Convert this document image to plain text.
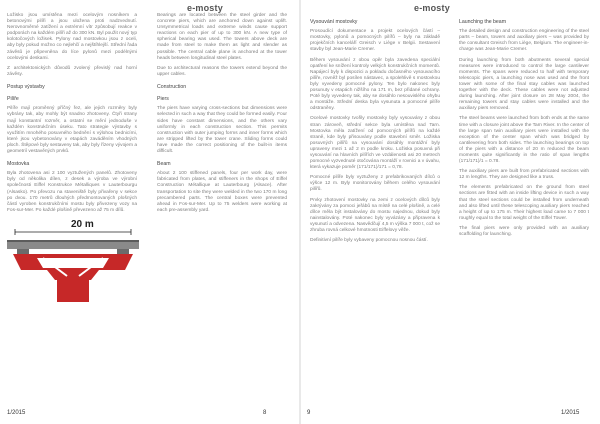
e-mosty

Ložisko jsou umístěna mezi ocelovým nosníkem a betonovými pilíři a jsou uložena proti nadzvednutí. Nerovnoměrné zatížení a extrémní vítr způsobují reakce v podporách na každém pilíři až do 300 kN. Byl použit nový typ kolotočových ložisek. Pylony nad mostovkou jsou z oceli, aby byly pokud možno co nejlehčí a nejštíhlejší. Střední řada závěsů je připevněna do líce pylonů mezi podélnými ocelovými deskami.

Z architektonických důvodů zvolený převislý nad horní závěsy.

Postup výstavby
Pilíře

Pilíře mají proměnný příčný řez, ale jejich rozměry byly vybrány tak, aby mohly být snadno zhotoveny. Čtyři strany mají konstantní rozměr, a ostatní se mění jednoduše v každém konstrukčním úseku. Tato strategie výstavby s využitím mnohého posuvného bednění s výlohou bednicími, které jsou vybetonovány v etapách zaváděním vhodných ploch. Štěpové byly sestaveny tak, aby byly řízeny vývojem a geometrií vestavěných prvků.

Mostovka

Byla zhotovena asi 2 100 vyztužených panelů. Zhotoveny byly od několika dílen, z desek a výroba ve výrobní společnosti Eiffel Konstrukce Métalliques v Lauterbourgu (Alsasko). Po převozu na staveniště byly přivařeny v sekce po dvou. 170 metrů dlouhých předmontovaných plošných částí vyroben konstrukčními mostu byly přivezeny vozy na Fos-sur-Mer. Po každé plošině převezeno až 75 m dílů.

20 m

Bearings are located between the steel girder and the concrete piers, which are anchored down against uplift. Unsymmetrical loads and extreme winds cause support reactions on each pier of up to 300 kN. A new type of spherical bearing was used. The towers above deck are made from steel to make them as light and slender as possible. The central cable plane is anchored at the tower heads between longitudinal steel plates.

Due to architectural reasons the towers extend beyond the upper cables.

Construction
Piers

The piers have varying cross-sections but dimensions were selected in such a way that they could be formed easily. Four sides have constant dimensions, and the others vary uniformly in each construction section. This permits construction with outer jumping forms and inner forms which are stripped lifted by the tower crane. Sliding forms could have made the correct positioning of the built-in items difficult.

Beam

About 2 100 stiffened panels, four per work day, were fabricated from plates, and stiffeners in the shops of Eiffel Construction Métallique at Lauterbourg (Alsace). After transportation to site they were welded in the two 170 m long precambered parts. The central boxes were prevented ahead in Fos-sur-Mer. Up to 75 welders were working at each pre-assembly yard.

1/2015	8
e-mosty
Vysouvání mostovky

Prosoudící dokumentace a projekt ocelových částí – mostovky, pylonů a pomocných pilířů – byly na základě projekčních kanceláří Greisch v Liège v Belgii. Sestavení stavby byl Jean-Marie Cremer.

Během vysouvání z obou opěr byla zavedena speciální opatření ke snížení kontroly velkých konstrukčních momentů. Napájecí byly k dispozici a pokladu dočasného vysouvacího pilíře, rovněž byl posílen nástavec, a spolehlivě s mostovkou byly vyvedeny pomocné pylony. Ten bylo nakonec byly posunuty v etapách nižšího na 171 m, bez přidané ochrany. Poté byly vyvedeny tak, aby se dosáhlo nesouvislého ohybu a montáže. Střední deska byla vysunuta a pomocné pilíře odstraněny.

Ocelové mostovky tvořily mostovky byly vysouvány z obou stran zároveň, střední sekce byla umístěna nad Tarn. Mostovka měla zatížení od pomocných pilířů na každé straně, kde byly přisouvány podle stavební směr. Ložiska posuvných pilířů na vysouvání dosáhly montážní byly upraveny mezi 1 až 2 m podle kroku. Ložiska posuvná při vysouvání na hlavních pilířích ve vzdálenosti asi 20 metrech pomocné vyzvednuté otočována montáží v rovnici a v úvahu, která vykazuje poměr (171/171)/171 = 0,78.

Pomocné pilíře byly vyztuženy z prefabrikovaných dílců o výšce 12 m. Byly monitorovány během celého vysouvání pilířů.

Prvky zhotovení mostovky na zemi z ocelových dílců byly zakrývány za pomoci jeřábů na místě na celé plošině, a celé dílce měla být instalovány do mostu najednou, dokud byly nainstalovány. Poté nakonec byly vyvázány a připravena k vysunutí a odvezena. Nasvědčují 4,5 m výška 7 000 t, což se zhruba rovná celkové hmotnosti Eiffelovy věže.

Definitivní pilíře byly vybaveny pomocnou nosnou částí.

Launching the beam

The detailed design and construction engineering of the steel parts – beam, towers and auxiliary piers – was provided by the consultant Greisch from Liège, Belgium. The engineer-in-charge was Jean-Marie Cremer.

During launching from both abutments several special measures were introduced to control the large cantilever moments. The spans were reduced to half with temporary telescopic piers, a launching nose was used and the front tower with some of the final stay cables was launched together with the deck. These cables were not adjusted during launching. After joint closure on 28 May 2004, the remaining towers and stay cables were installed and the auxiliary piers removed.

The steel beams were launched from both ends at the same time with a closure joint above the Tarn River. In the center of the large span twin auxiliary piers were installed with the exception of the center span which was bridged by cantilevering from both sides. The launching bearings on top of the piers with a distance of 20 m reduced the beam moments quite significantly in the ratio of span lengths (171/171)/1 = 0.78.

The auxiliary piers are built from prefabricated sections with 12 m lengths. They are designed like a truss.

The elements prefabricated on the ground from steel sections are fitted with an inside lifting device in such a way that the steel sections could be installed from underneath and also lifted until these telescoping auxiliary piers reached a height of up to 175 m. Their highest load came to 7 000 t roughly equal to the total weight of the Eiffel Tower.

The final piers were only provided with an auxiliary scaffolding for launching.

9	1/2015
